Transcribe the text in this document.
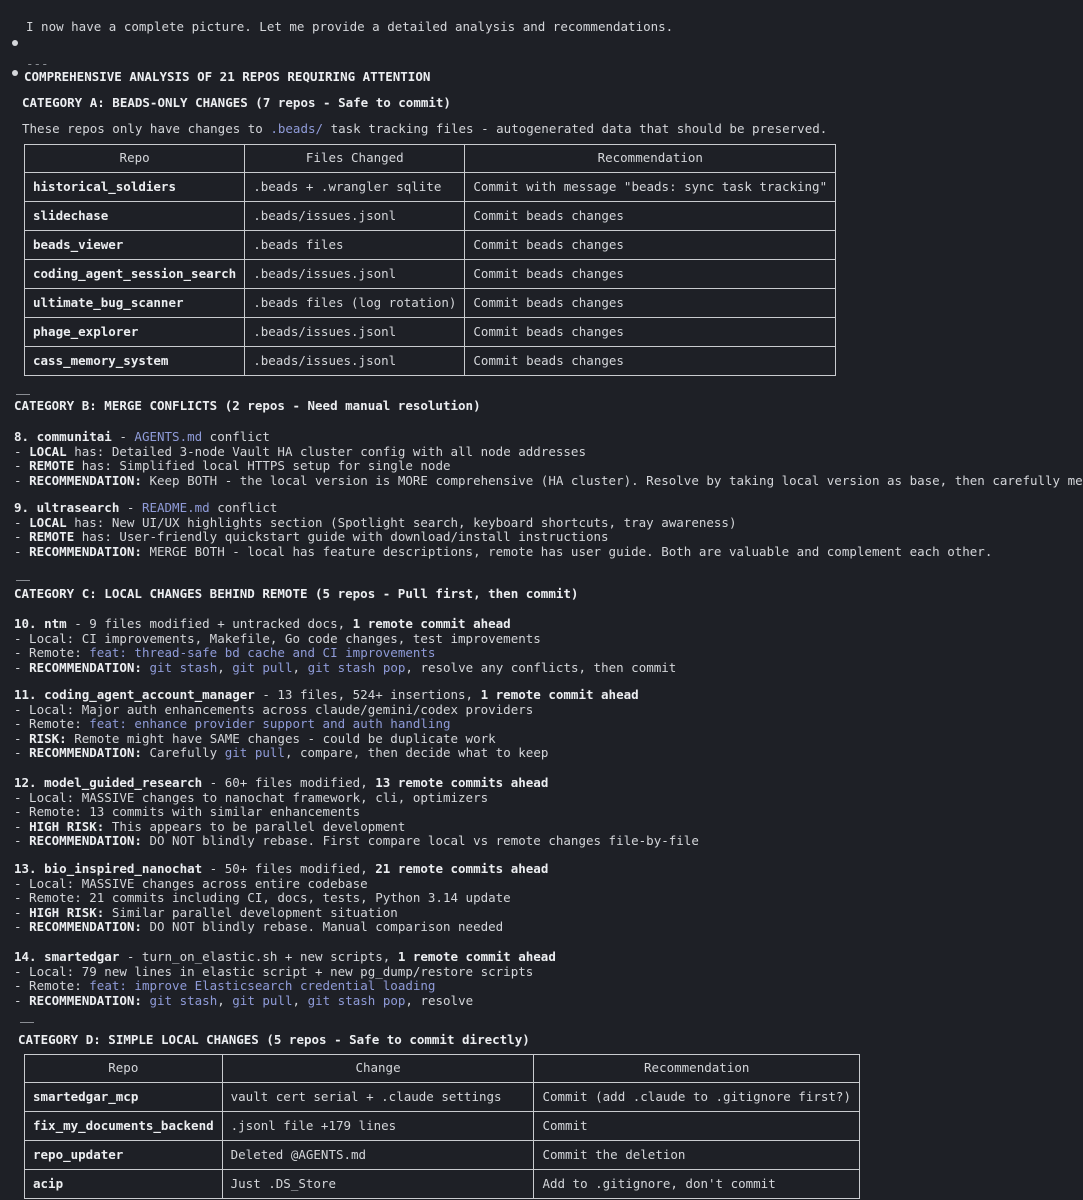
I now have a complete picture. Let me provide a detailed analysis and recommendations.
---
COMPREHENSIVE ANALYSIS OF 21 REPOS REQUIRING ATTENTION
CATEGORY A: BEADS-ONLY CHANGES (7 repos - Safe to commit)
These repos only have changes to .beads/ task tracking files - autogenerated data that should be preserved.
Repo	Files Changed	Recommendation
historical_soldiers	.beads + .wrangler sqlite	Commit with message "beads: sync task tracking"
slidechase	.beads/issues.jsonl	Commit beads changes
beads_viewer	.beads files	Commit beads changes
coding_agent_session_search	.beads/issues.jsonl	Commit beads changes
ultimate_bug_scanner	.beads files (log rotation)	Commit beads changes
phage_explorer	.beads/issues.jsonl	Commit beads changes
cass_memory_system	.beads/issues.jsonl	Commit beads changes
CATEGORY B: MERGE CONFLICTS (2 repos - Need manual resolution)
8. communitai - AGENTS.md conflict
- LOCAL has: Detailed 3-node Vault HA cluster config with all node addresses
- REMOTE has: Simplified local HTTPS setup for single node
- RECOMMENDATION: Keep BOTH - the local version is MORE comprehensive (HA cluster). Resolve by taking local version as base, then carefully me
9. ultrasearch - README.md conflict
- LOCAL has: New UI/UX highlights section (Spotlight search, keyboard shortcuts, tray awareness)
- REMOTE has: User-friendly quickstart guide with download/install instructions
- RECOMMENDATION: MERGE BOTH - local has feature descriptions, remote has user guide. Both are valuable and complement each other.
CATEGORY C: LOCAL CHANGES BEHIND REMOTE (5 repos - Pull first, then commit)
10. ntm - 9 files modified + untracked docs, 1 remote commit ahead
- Local: CI improvements, Makefile, Go code changes, test improvements
- Remote: feat: thread-safe bd cache and CI improvements
- RECOMMENDATION: git stash, git pull, git stash pop, resolve any conflicts, then commit
11. coding_agent_account_manager - 13 files, 524+ insertions, 1 remote commit ahead
- Local: Major auth enhancements across claude/gemini/codex providers
- Remote: feat: enhance provider support and auth handling
- RISK: Remote might have SAME changes - could be duplicate work
- RECOMMENDATION: Carefully git pull, compare, then decide what to keep
12. model_guided_research - 60+ files modified, 13 remote commits ahead
- Local: MASSIVE changes to nanochat framework, cli, optimizers
- Remote: 13 commits with similar enhancements
- HIGH RISK: This appears to be parallel development
- RECOMMENDATION: DO NOT blindly rebase. First compare local vs remote changes file-by-file
13. bio_inspired_nanochat - 50+ files modified, 21 remote commits ahead
- Local: MASSIVE changes across entire codebase
- Remote: 21 commits including CI, docs, tests, Python 3.14 update
- HIGH RISK: Similar parallel development situation
- RECOMMENDATION: DO NOT blindly rebase. Manual comparison needed
14. smartedgar - turn_on_elastic.sh + new scripts, 1 remote commit ahead
- Local: 79 new lines in elastic script + new pg_dump/restore scripts
- Remote: feat: improve Elasticsearch credential loading
- RECOMMENDATION: git stash, git pull, git stash pop, resolve
CATEGORY D: SIMPLE LOCAL CHANGES (5 repos - Safe to commit directly)
Repo	Change	Recommendation
smartedgar_mcp	vault cert serial + .claude settings	Commit (add .claude to .gitignore first?)
fix_my_documents_backend	.jsonl file +179 lines	Commit
repo_updater	Deleted @AGENTS.md	Commit the deletion
acip	Just .DS_Store	Add to .gitignore, don't commit
